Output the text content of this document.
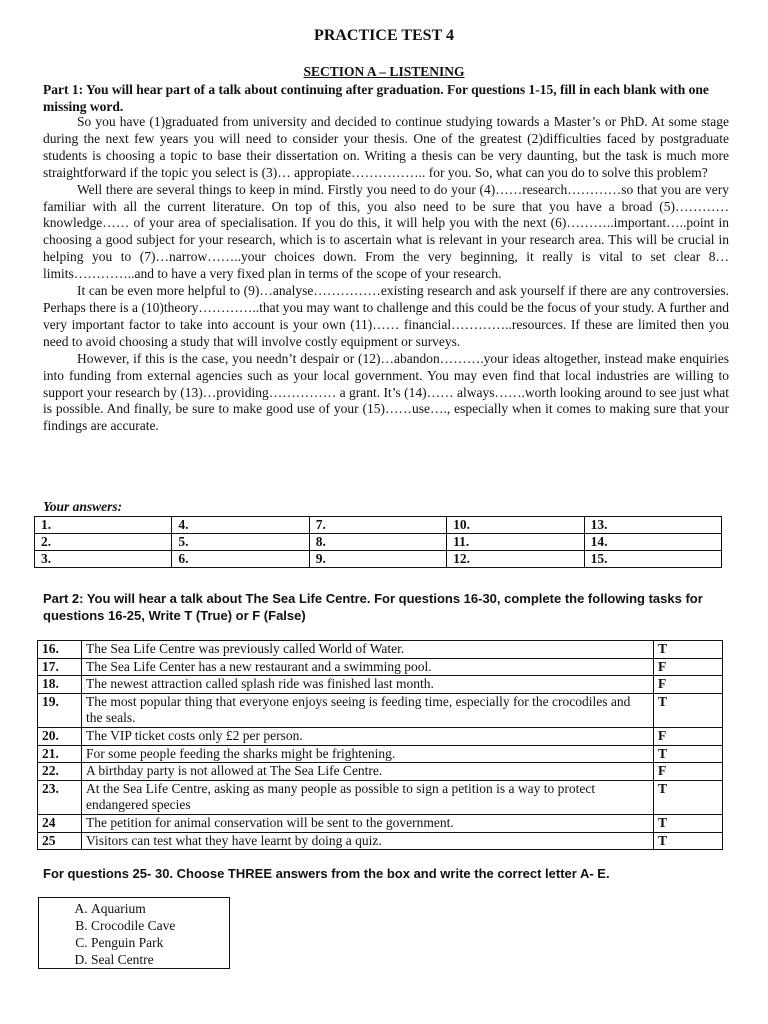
PRACTICE TEST 4
SECTION A – LISTENING
Part 1: You will hear part of a talk about continuing after graduation. For questions 1-15, fill in each blank with one missing word.

So you have (1)graduated from university and decided to continue studying towards a Master’s or PhD. At some stage during the next few years you will need to consider your thesis. One of the greatest (2)difficulties faced by postgraduate students is choosing a topic to base their dissertation on. Writing a thesis can be very daunting, but the task is much more straightforward if the topic you select is (3)… appropiate…………….. for you. So, what can you do to solve this problem?

Well there are several things to keep in mind. Firstly you need to do your (4)……research…………so that you are very familiar with all the current literature. On top of this, you also need to be sure that you have a broad (5)…………knowledge…… of your area of specialisation. If you do this, it will help you with the next (6)………..important…..point in choosing a good subject for your research, which is to ascertain what is relevant in your research area. This will be crucial in helping you to (7)…narrow……..your choices down. From the very beginning, it really is vital to set clear 8…limits…………..and to have a very fixed plan in terms of the scope of your research.

It can be even more helpful to (9)…analyse……………existing research and ask yourself if there are any controversies. Perhaps there is a (10)theory…………..that you may want to challenge and this could be the focus of your study. A further and very important factor to take into account is your own (11)…… financial…………..resources. If these are limited then you need to avoid choosing a study that will involve costly equipment or surveys.

However, if this is the case, you needn’t despair or (12)…abandon……….your ideas altogether, instead make enquiries into funding from external agencies such as your local government. You may even find that local industries are willing to support your research by (13)…providing…………… a grant. It’s (14)…… always…….worth looking around to see just what is possible. And finally, be sure to make good use of your (15)……use…., especially when it comes to making sure that your findings are accurate.

Your answers:
1.	4.	7.	10.	13.
2.	5.	8.	11.	14.
3.	6.	9.	12.	15.
Part 2: You will hear a talk about The Sea Life Centre. For questions 16-30, complete the following tasks for questions 16-25, Write T (True) or F (False)
16.	The Sea Life Centre was previously called World of Water.	T
17.	The Sea Life Center has a new restaurant and a swimming pool.	F
18.	The newest attraction called splash ride was finished last month.	F
19.	The most popular thing that everyone enjoys seeing is feeding time, especially for the crocodiles and the seals.	T
20.	The VIP ticket costs only £2 per person.	F
21.	For some people feeding the sharks might be frightening.	T
22.	A birthday party is not allowed at The Sea Life Centre.	F
23.	At the Sea Life Centre, asking as many people as possible to sign a petition is a way to protect endangered species	T
24	The petition for animal conservation will be sent to the government.	T
25	Visitors can test what they have learnt by doing a quiz.	T
For questions 25- 30. Choose THREE answers from the box and write the correct letter A- E.
A. Aquarium
B. Crocodile Cave
C. Penguin Park
D. Seal Centre
